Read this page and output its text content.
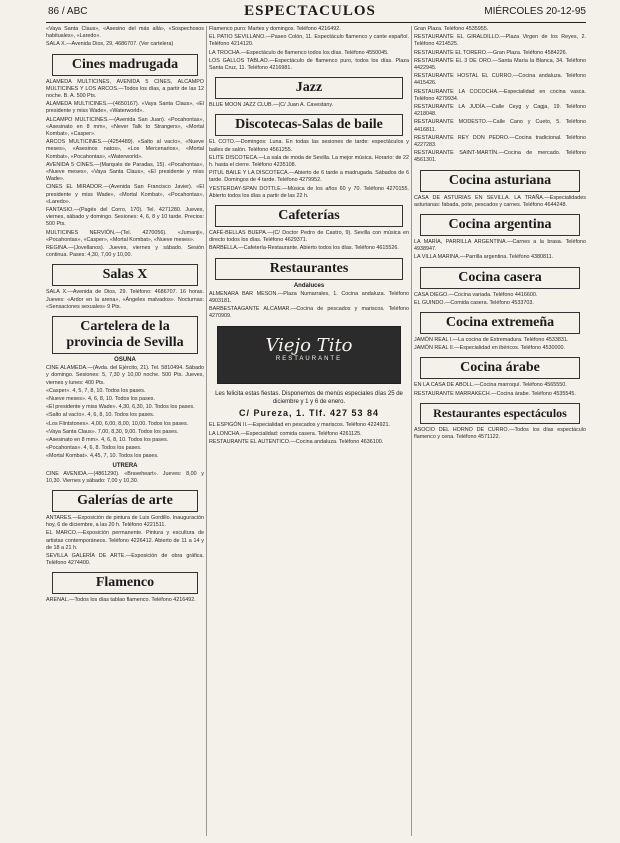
86 / ABC	ESPECTACULOS	MIÉRCOLES 20-12-95

«Vaya Santa Claus», «Asesino del más allá», «Sospechosos habituales», «Laredo».

SALA X.—Avenida Dios, 29, 4686707. (Ver cartelera)

Cines madrugada

ALAMEDA MULTICINES, AVENIDA 5 CINES, ALCAMPO MULTICINES Y LOS ARCOS.—Todos los días, a partir de las 12 noche. B. A. 500 Pts.

ALAMEDA MULTICINES.—(4650167). «Vaya Santa Claus», «El presidente y miss Wade», «Waterworld».

ALCAMPO MULTICINES.—(Avenida San Juan). «Pocahontas», «Asesinato en 8 mm», «Never Talk to Strangers», «Mortal Kombat», «Casper».

ARCOS MULTICINES.—(4254489). «Salto al vacío», «Nueve meses», «Asesinos natos», «Los Mercenarios», «Mortal Kombat», «Pocahontas», «Waterworld».

AVENIDA 5 CINES.—(Marqués de Paradas, 15). «Pocahontas», «Nueve meses», «Vaya Santa Claus», «El presidente y miss Wade».

CINES EL MIRADOR.—(Avenida San Francisco Javier). «El presidente y miss Wade», «Mortal Kombat», «Pocahontas», «Laredo».

FANTASIO.—(Pagés del Corro, 170). Tel. 4271280. Jueves, viernes, sábado y domingo. Sesiones: 4, 6, 8 y 10 tarde. Precios: 500 Pts.

MULTICINES NERVIÓN.—(Tel. 4270056). «Jumanji», «Pocahontas», «Casper», «Mortal Kombat», «Nueve meses».

REGINA.—(Jovellanos). Jueves, viernes y sábado. Sesión continua. Pases: 4,30, 7,00 y 10,00.

Salas X

SALA X.—Avenida de Dios, 29. Teléfono: 4686707. 16 horas. Jueves: «Ardor en la arena», «Ángeles malvados». Nocturnas: «Sensaciones sexuales» 9 Pts.

Cartelera de la provincia de Sevilla
OSUNA

CINE ALAMEDA.—(Avda. del Ejército, 21). Tel. 5810494. Sábado y domingo. Sesiones: 5, 7,30 y 10,00 noche. 500 Pts. Jueves, viernes y lunes: 400 Pts.

«Casper». 4, 5, 7, 8, 10. Todos los pases.

«Nueve meses». 4, 6, 8, 10. Todos los pases.

«El presidente y miss Wade». 4,30, 6,30, 10. Todos los pases.

«Salto al vacío». 4, 6, 8, 10. Todos los pases.

«Los Flintstones». 4,00, 6,00, 8,00, 10,00. Todos los pases.

«Vaya Santa Claus». 7,00, 8,30, 9,00. Todos los pases.

«Asesinato en 8 mm». 4, 6, 8, 10. Todos los pases.

«Pocahontas». 4, 6, 8. Todos los pases.

«Mortal Kombat». 4,45, 7, 10. Todos los pases.

UTRERA

CINE AVENIDA.—(4861290). «Braveheart». Jueves: 8,00 y 10,30. Viernes y sábado: 7,00 y 10,30.

Galerías de arte

ANTARES.—Exposición de pintura de Luis Gordillo. Inauguración hoy, 6 de diciembre, a las 20 h. Teléfono 4221511.

EL MARCO.—Exposición permanente. Pintura y escultura de artistas contemporáneos. Teléfono 4226412. Abierto de 11 a 14 y de 18 a 21 h.

SEVILLA GALERÍA DE ARTE.—Exposición de obra gráfica. Teléfono 4274400.

Flamenco

ARENAL.—Todos los días tablao flamenco. Teléfono 4216492.

Flamenco puro: Martes y domingos. Teléfono 4216492.

EL PATIO SEVILLANO.—Paseo Colón, 11. Espectáculo flamenco y cante español. Teléfono 4214120.

LA TROCHA.—Espectáculo de flamenco todos los días. Teléfono 4550045.

LOS GALLOS TABLAO.—Espectáculo de flamenco puro, todos los días. Plaza Santa Cruz, 11. Teléfono 4216981.

Jazz

BLUE MOON JAZZ CLUB.—(C/ Juan A. Cavestany.

Discotecas-Salas de baile

EL COTO.—Domingos: Luna. En todas las sesiones de tarde: espectáculos y bailes de salón. Teléfono 4561255.

ELITE DISCOTECA.—La sala de moda de Sevilla. La mejor música. Horario: de 22 h. hasta el cierre. Teléfono 4235108.

PITUL BAILE Y LA DISCOTECA.—Abierto de 6 tarde a madrugada. Sábados de 6 tarde. Domingos de 4 tarde. Teléfono 4279952.

YESTERDAY-SPAN DOTTLE.—Música de los años 60 y 70. Teléfono 4270155. Abierto todos los días a partir de las 22 h.

Cafeterías

CAFÉ-BELLAS BUEPA.—(C/ Doctor Pedro de Castro, 9). Sevilla con música en directo todos los días. Teléfono 4629371.

BARBELLA.—Cafetería-Restaurante. Abierto todos los días. Teléfono 4615526.

Restaurantes
Andaluces

ALMENARA BAR MESON.—Plaza Numarrales, 1. Cocina andaluza. Teléfono 4903181.

BARBESTAAGANTE ALCAMAR.—Cocina de pescados y mariscos. Teléfono 4270909.

Viejo Tito
RESTAURANTE
Les felicita estas fiestas. Disponemos de menús especiales días 25 de diciembre y 1 y 6 de enero.
C/ Pureza, 1. Tlf. 427 53 84

EL ESPIGÓN II.—Especialidad en pescados y mariscos. Teléfono 4224921.

LA LONCHA.—Especialidad: comida casera. Teléfono 4261125.

RESTAURANTE EL AUTENTICO.—Cocina andaluza. Teléfono 4636100.

Gran Plaza. Teléfono 4535955.

RESTAURANTE EL GIRALDILLO.—Plaza Virgen de los Reyes, 2. Teléfono 4214525.

RESTAURANTE EL TORERO.—Gran Plaza. Teléfono 4584226.

RESTAURANTE EL 3 DE ORO.—Santa María la Blanca, 34. Teléfono 4422945.

RESTAURANTE HOSTAL EL CURRO.—Cocina andaluza. Teléfono 4415426.

RESTAURANTE LA COCOCHA.—Especialidad en cocina vasca. Teléfono 4279934.

RESTAURANTE LA JUDÍA.—Calle Ceyg y Cagja, 19. Teléfono 4218048.

RESTAURANTE MODESTO.—Calle Cano y Cueto, 5. Teléfono 4416811.

RESTAURANTE REY DON PEDRO.—Cocina tradicional. Teléfono 4227283.

RESTAURANTE SAINT-MARTÍN.—Cocina de mercado. Teléfono 4561301.

Cocina asturiana

CASA DE ASTURIAS EN SEVILLA. LA TRAÑA.—Especialidades asturianas: fabada, pote, pescados y carnes. Teléfono 4644248.

Cocina argentina

LA MARÍA, PARRILLA ARGENTINA.—Carnes a la brasa. Teléfono 4938947.

LA VILLA MARINA.—Parrilla argentina. Teléfono 4380811.

Cocina casera

CASA DIEGO.—Cocina variada. Teléfono 4416600.

EL GUINDO.—Comida casera. Teléfono 4533703.

Cocina extremeña

JAMÓN REAL I.—La cocina de Extremadura. Teléfono 4533831.

JAMÓN REAL II.—Especialidad en ibéricos. Teléfono 4530000.

Cocina árabe

EN LA CASA DE ABOLL.—Cocina marroquí. Teléfono 4565550.

RESTAURANTE MARRAKECH.—Cocina árabe. Teléfono 4535545.

Restaurantes espectáculos

ASOCIO DEL HORNO DE CURRO.—Todos los días espectáculo flamenco y cena. Teléfono 4571122.
